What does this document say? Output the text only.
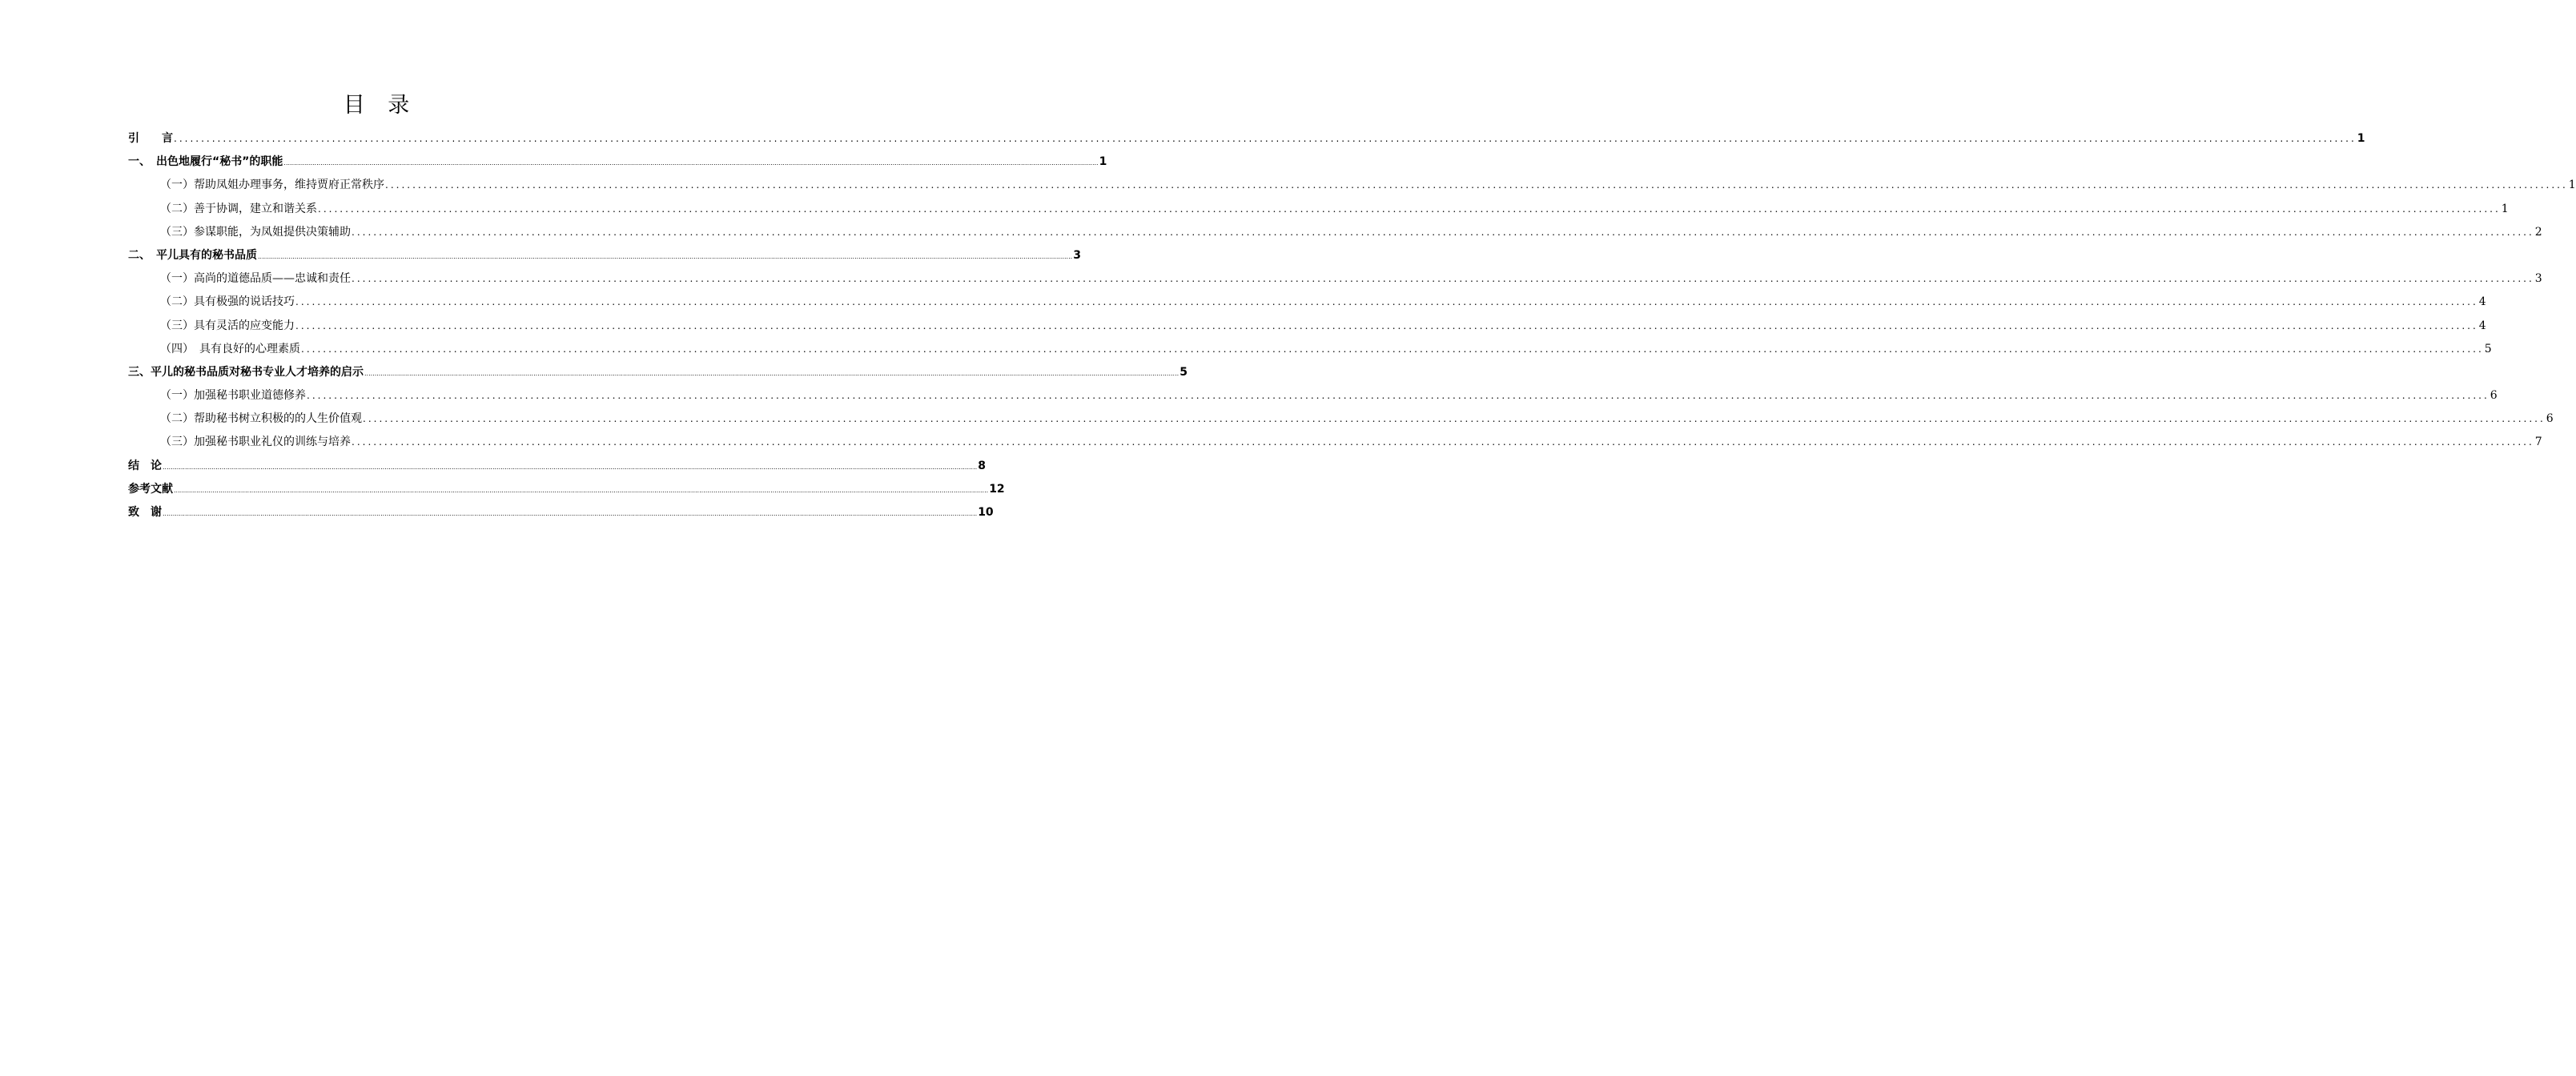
目 录
引　　言 ................................................................................................................................................................................................................................................................................................................................................................................................................ 1
一、　出色地履行“秘书”的职能 ................................................................................................................................................................................................................................................................................................................................................................................................................ 1
（一）帮助凤姐办理事务，维持贾府正常秩序 ................................................................................................................................................................................................................................................................................................................................................................................................................ 1
（二）善于协调，建立和谐关系 ................................................................................................................................................................................................................................................................................................................................................................................................................ 1
（三）参谋职能，为凤姐提供决策辅助 ................................................................................................................................................................................................................................................................................................................................................................................................................ 2
二、　平儿具有的秘书品质 ................................................................................................................................................................................................................................................................................................................................................................................................................ 3
（一）高尚的道德品质——忠诚和责任 ................................................................................................................................................................................................................................................................................................................................................................................................................ 3
（二）具有极强的说话技巧 ................................................................................................................................................................................................................................................................................................................................................................................................................ 4
（三）具有灵活的应变能力 ................................................................................................................................................................................................................................................................................................................................................................................................................ 4
（四）　具有良好的心理素质 ................................................................................................................................................................................................................................................................................................................................................................................................................ 5
三、平儿的秘书品质对秘书专业人才培养的启示 ................................................................................................................................................................................................................................................................................................................................................................................................................ 5
（一）加强秘书职业道德修养 ................................................................................................................................................................................................................................................................................................................................................................................................................ 6
（二）帮助秘书树立积极的的人生价值观 ................................................................................................................................................................................................................................................................................................................................................................................................................ 6
（三）加强秘书职业礼仪的训练与培养 ................................................................................................................................................................................................................................................................................................................................................................................................................ 7
结　论 ................................................................................................................................................................................................................................................................................................................................................................................................................ 8
参考文献 ................................................................................................................................................................................................................................................................................................................................................................................................................ 12
致　谢 ................................................................................................................................................................................................................................................................................................................................................................................................................ 10
